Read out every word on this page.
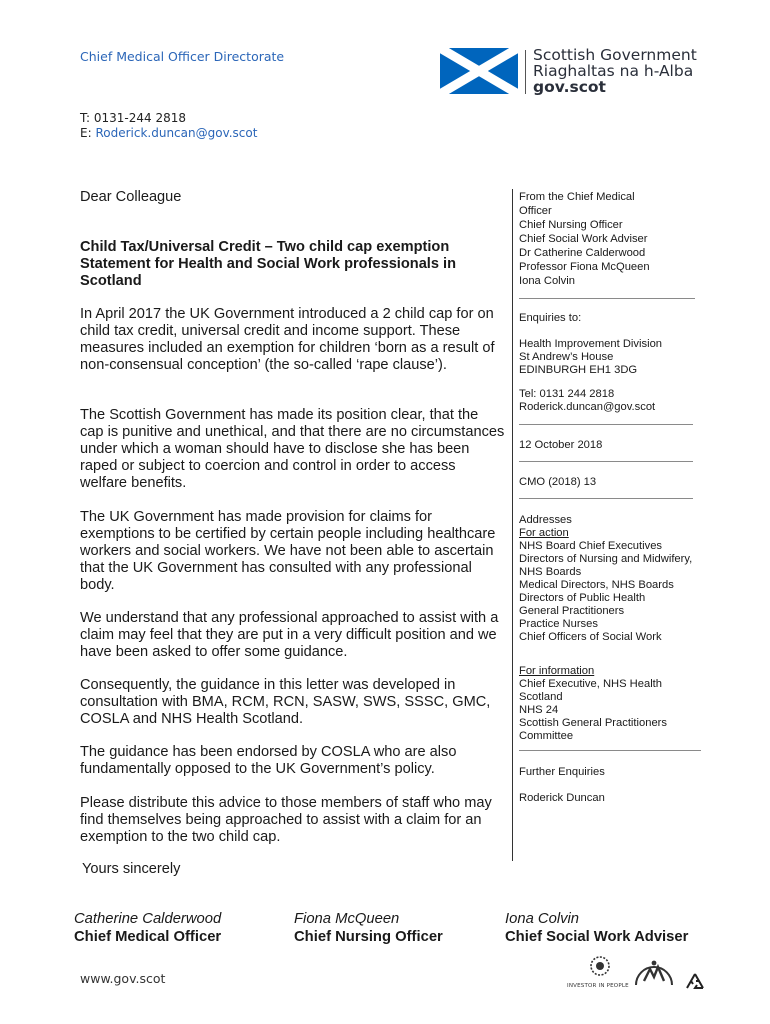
Chief Medical Officer Directorate
T: 0131-244 2818
E: Roderick.duncan@gov.scot
Scottish Government
Riaghaltas na h-Alba
gov.scot
Dear Colleague
Child Tax/Universal Credit – Two child cap exemption
Statement for Health and Social Work professionals in
Scotland
In April 2017 the UK Government introduced a 2 child cap for on child tax credit, universal credit and income support. These measures included an exemption for children ‘born as a result of non-consensual conception’ (the so-called ‘rape clause’).
The Scottish Government has made its position clear, that the cap is punitive and unethical, and that there are no circumstances under which a woman should have to disclose she has been raped or subject to coercion and control in order to access welfare benefits.
The UK Government has made provision for claims for exemptions to be certified by certain people including healthcare workers and social workers. We have not been able to ascertain that the UK Government has consulted with any professional body.
We understand that any professional approached to assist with a claim may feel that they are put in a very difficult position and we have been asked to offer some guidance.
Consequently, the guidance in this letter was developed in consultation with BMA, RCM, RCN, SASW, SWS, SSSC, GMC, COSLA and NHS Health Scotland.
The guidance has been endorsed by COSLA who are also fundamentally opposed to the UK Government’s policy.
Please distribute this advice to those members of staff who may find themselves being approached to assist with a claim for an exemption to the two child cap.
Yours sincerely
Catherine Calderwood
Chief Medical Officer
Fiona McQueen
Chief Nursing Officer
Iona Colvin
Chief Social Work Adviser
From the Chief Medical
Officer
Chief Nursing Officer
Chief Social Work Adviser
Dr Catherine Calderwood
Professor Fiona McQueen
Iona Colvin
Enquiries to:
Health Improvement Division
St Andrew’s House
EDINBURGH EH1 3DG
Tel: 0131 244 2818
Roderick.duncan@gov.scot
12 October 2018
CMO (2018) 13
Addresses
For action
NHS Board Chief Executives
Directors of Nursing and Midwifery,
NHS Boards
Medical Directors, NHS Boards
Directors of Public Health
General Practitioners
Practice Nurses
Chief Officers of Social Work
For information
Chief Executive, NHS Health
Scotland
NHS 24
Scottish General Practitioners
Committee
Further Enquiries
Roderick Duncan
www.gov.scot	INVESTOR IN PEOPLE
